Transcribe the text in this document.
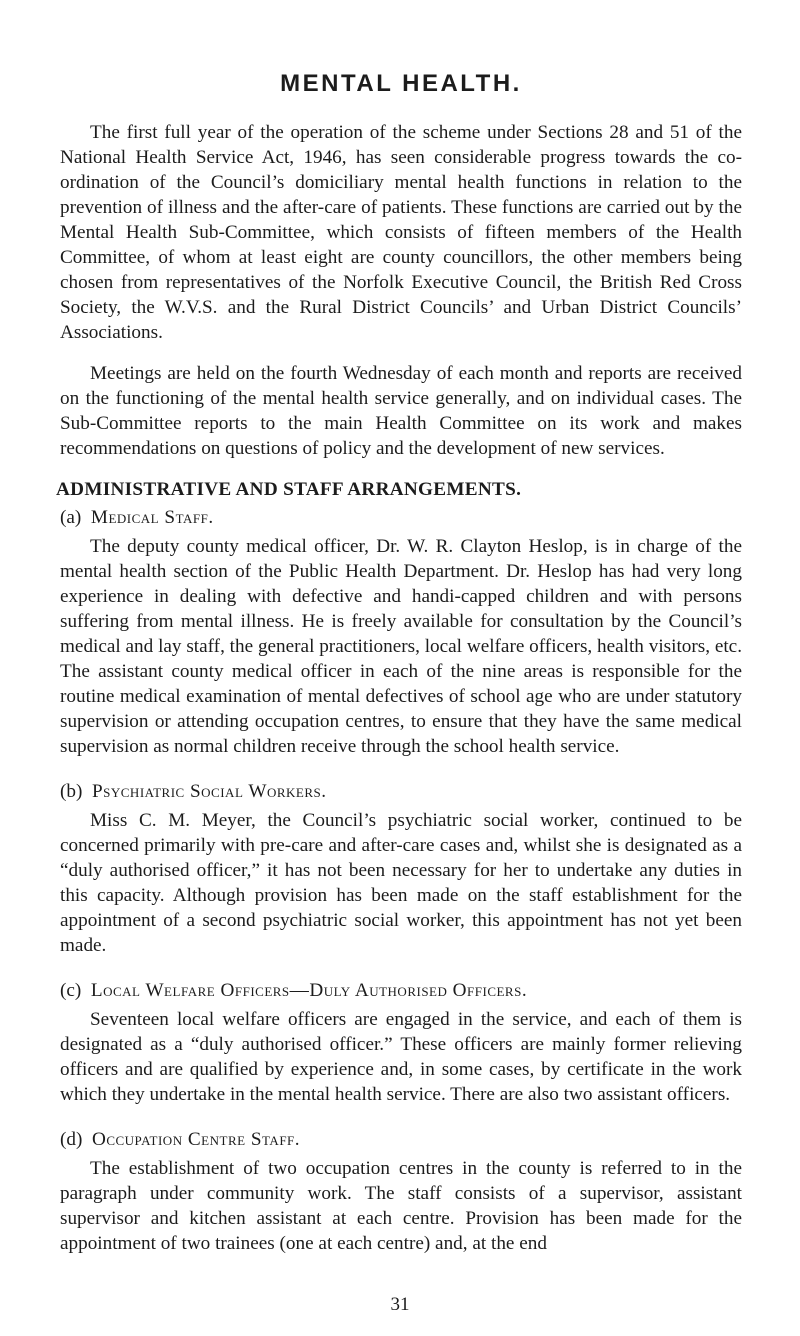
MENTAL HEALTH.

The first full year of the operation of the scheme under Sections 28 and 51 of the National Health Service Act, 1946, has seen considerable progress towards the co-ordination of the Council’s domiciliary mental health functions in relation to the prevention of illness and the after-care of patients. These functions are carried out by the Mental Health Sub-Committee, which consists of fifteen members of the Health Committee, of whom at least eight are county councillors, the other members being chosen from representatives of the Norfolk Executive Council, the British Red Cross Society, the W.V.S. and the Rural District Councils’ and Urban District Councils’ Associations.

Meetings are held on the fourth Wednesday of each month and reports are received on the functioning of the mental health service generally, and on individual cases. The Sub-Committee reports to the main Health Committee on its work and makes recommendations on questions of policy and the development of new services.

ADMINISTRATIVE AND STAFF ARRANGEMENTS.
(a) Medical Staff.

The deputy county medical officer, Dr. W. R. Clayton Heslop, is in charge of the mental health section of the Public Health Department. Dr. Heslop has had very long experience in dealing with defective and handi-capped children and with persons suffering from mental illness. He is freely available for consultation by the Council’s medical and lay staff, the general practitioners, local welfare officers, health visitors, etc. The assistant county medical officer in each of the nine areas is responsible for the routine medical examination of mental defectives of school age who are under statutory supervision or attending occupation centres, to ensure that they have the same medical supervision as normal children receive through the school health service.

(b) Psychiatric Social Workers.

Miss C. M. Meyer, the Council’s psychiatric social worker, continued to be concerned primarily with pre-care and after-care cases and, whilst she is designated as a “duly authorised officer,” it has not been necessary for her to undertake any duties in this capacity. Although provision has been made on the staff establishment for the appointment of a second psychiatric social worker, this appointment has not yet been made.

(c) Local Welfare Officers—Duly Authorised Officers.

Seventeen local welfare officers are engaged in the service, and each of them is designated as a “duly authorised officer.” These officers are mainly former relieving officers and are qualified by experience and, in some cases, by certificate in the work which they undertake in the mental health service. There are also two assistant officers.

(d) Occupation Centre Staff.

The establishment of two occupation centres in the county is referred to in the paragraph under community work. The staff consists of a supervisor, assistant supervisor and kitchen assistant at each centre. Provision has been made for the appointment of two trainees (one at each centre) and, at the end

31
